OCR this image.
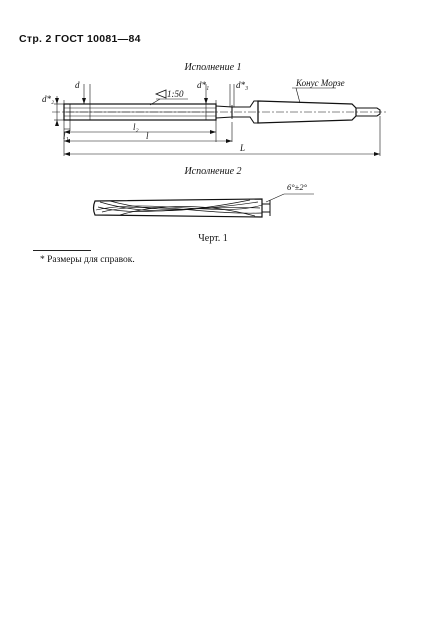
Стр. 2 ГОСТ 10081—84
Исполнение 1
d	d*₁	d*₃
d*₂	1:50
Конус Морзе
l₁
l₂
l
L
6°±2°
Исполнение 2
Черт. 1
* Размеры для справок.
